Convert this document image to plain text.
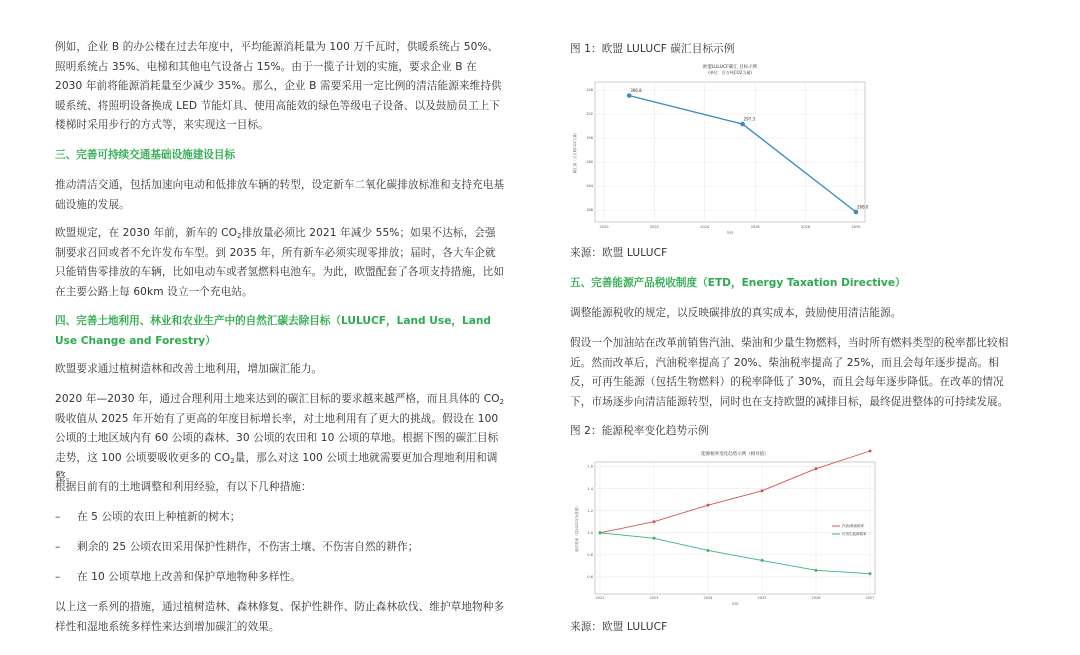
例如，企业 B 的办公楼在过去年度中，平均能源消耗量为 100 万千瓦时，供暖系统占 50%、照明系统占 35%、电梯和其他电气设备占 15%。由于一揽子计划的实施，要求企业 B 在 2030 年前将能源消耗量至少减少 35%。那么，企业 B 需要采用一定比例的清洁能源来维持供暖系统、将照明设备换成 LED 节能灯具、使用高能效的绿色等级电子设备、以及鼓励员工上下楼梯时采用步行的方式等，来实现这一目标。

三、完善可持续交通基础设施建设目标

推动清洁交通，包括加速向电动和低排放车辆的转型，设定新车二氧化碳排放标准和支持充电基础设施的发展。

欧盟规定，在 2030 年前，新车的 $CO_2$排放量必须比 2021 年减少 55%；如果不达标，会强制要求召回或者不允许发布车型。到 2035 年，所有新车必须实现零排放；届时，各大车企就只能销售零排放的车辆，比如电动车或者氢燃料电池车。为此，欧盟配套了各项支持措施，比如在主要公路上每 60km 设立一个充电站。

四、完善土地利用、林业和农业生产中的自然汇碳去除目标（LULUCF，Land Use，Land Use Change and Forestry）

欧盟要求通过植树造林和改善土地利用，增加碳汇能力。

2020 年—2030 年，通过合理利用土地来达到的碳汇目标的要求越来越严格，而且具体的 $CO_2$吸收值从 2025 年开始有了更高的年度目标增长率，对土地利用有了更大的挑战。假设在 100 公顷的土地区域内有 60 公顷的森林、30 公顷的农田和 10 公顷的草地。根据下图的碳汇目标走势，这 100 公顷要吸收更多的 $CO_2$量，那么对这 100 公顷土地就需要更加合理地利用和调整。

根据目前有的土地调整和利用经验，有以下几种措施：

–	在 5 公顷的农田上种植新的树木；

–	剩余的 25 公顷农田采用保护性耕作，不伤害土壤、不伤害自然的耕作；

–	在 10 公顷草地上改善和保护草地物种多样性。

以上这一系列的措施，通过植树造林、森林修复、保护性耕作、防止森林砍伐、维护草地物种多样性和湿地系统多样性来达到增加碳汇的效果。

图 1：欧盟 LULUCF 碳汇目标示例

欧盟LULUCF碳汇 目标示例
(单位：百万吨CO2当量)
2020	2022	2024	2026	2028	2030
268
264
260
256
252
248
年份
碳汇量（百万吨CO2当量）
306.8
297.3
268.0

来源：欧盟 LULUCF

五、完善能源产品税收制度（ETD，Energy Taxation Directive）

调整能源税收的规定，以反映碳排放的真实成本，鼓励使用清洁能源。

假设一个加油站在改革前销售汽油、柴油和少量生物燃料，当时所有燃料类型的税率都比较相近。然而改革后，汽油税率提高了 20%、柴油税率提高了 25%，而且会每年逐步提高。相反，可再生能源（包括生物燃料）的税率降低了 30%，而且会每年逐步降低。在改革的情况下，市场逐步向清洁能源转型，同时也在支持欧盟的减排目标，最终促进整体的可持续发展。

图 2：能源税率变化趋势示例

能源税率变化趋势示例（相对值）
2022	2023	2024	2025	2026	2027
0.6
0.8
1.0
1.2
1.4
1.6
年份
相对税率（以2022年为基准）	汽油/柴油税率
可再生能源税率

来源：欧盟 LULUCF
